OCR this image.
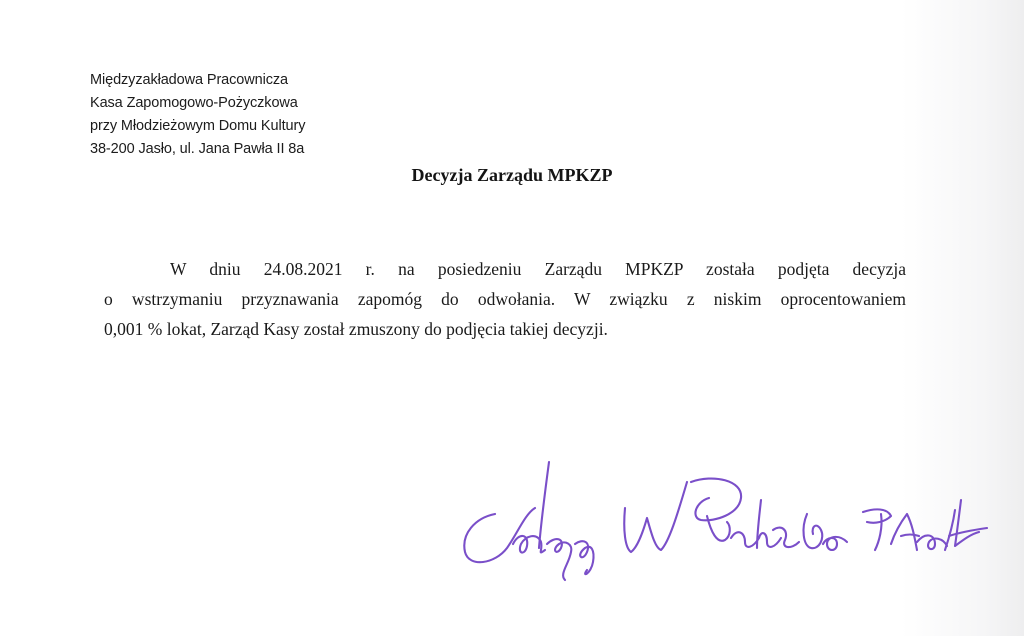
Międzyzakładowa Pracownicza
Kasa Zapomogowo-Pożyczkowa
przy Młodzieżowym Domu Kultury
38-200 Jasło, ul. Jana Pawła II 8a
Decyzja Zarządu MPKZP
W dniu 24.08.2021 r. na posiedzeniu Zarządu MPKZP została podjęta decyzja
o wstrzymaniu przyznawania zapomóg do odwołania. W związku z niskim oprocentowaniem
0,001 % lokat, Zarząd Kasy został zmuszony do podjęcia takiej decyzji.
